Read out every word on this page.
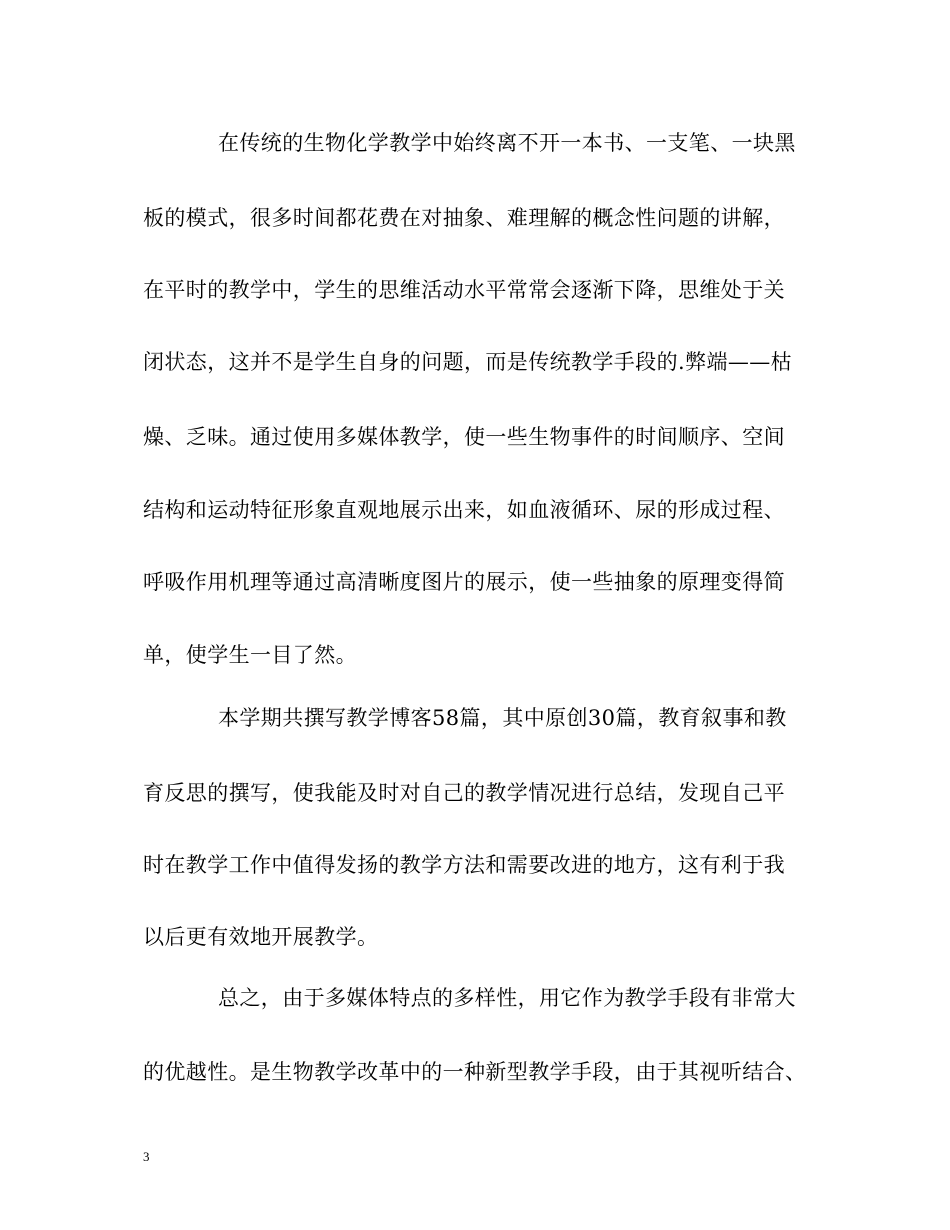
在传统的生物化学教学中始终离不开一本书、一支笔、一块黑
板的模式，很多时间都花费在对抽象、难理解的概念性问题的讲解，
在平时的教学中，学生的思维活动水平常常会逐渐下降，思维处于关
闭状态，这并不是学生自身的问题，而是传统教学手段的.弊端——枯
燥、乏味。通过使用多媒体教学，使一些生物事件的时间顺序、空间
结构和运动特征形象直观地展示出来，如血液循环、尿的形成过程、
呼吸作用机理等通过高清晰度图片的展示，使一些抽象的原理变得简
单，使学生一目了然。
本学期共撰写教学博客58篇，其中原创30篇，教育叙事和教
育反思的撰写，使我能及时对自己的教学情况进行总结，发现自己平
时在教学工作中值得发扬的教学方法和需要改进的地方，这有利于我
以后更有效地开展教学。
总之，由于多媒体特点的多样性，用它作为教学手段有非常大
的优越性。是生物教学改革中的一种新型教学手段，由于其视听结合、
3
